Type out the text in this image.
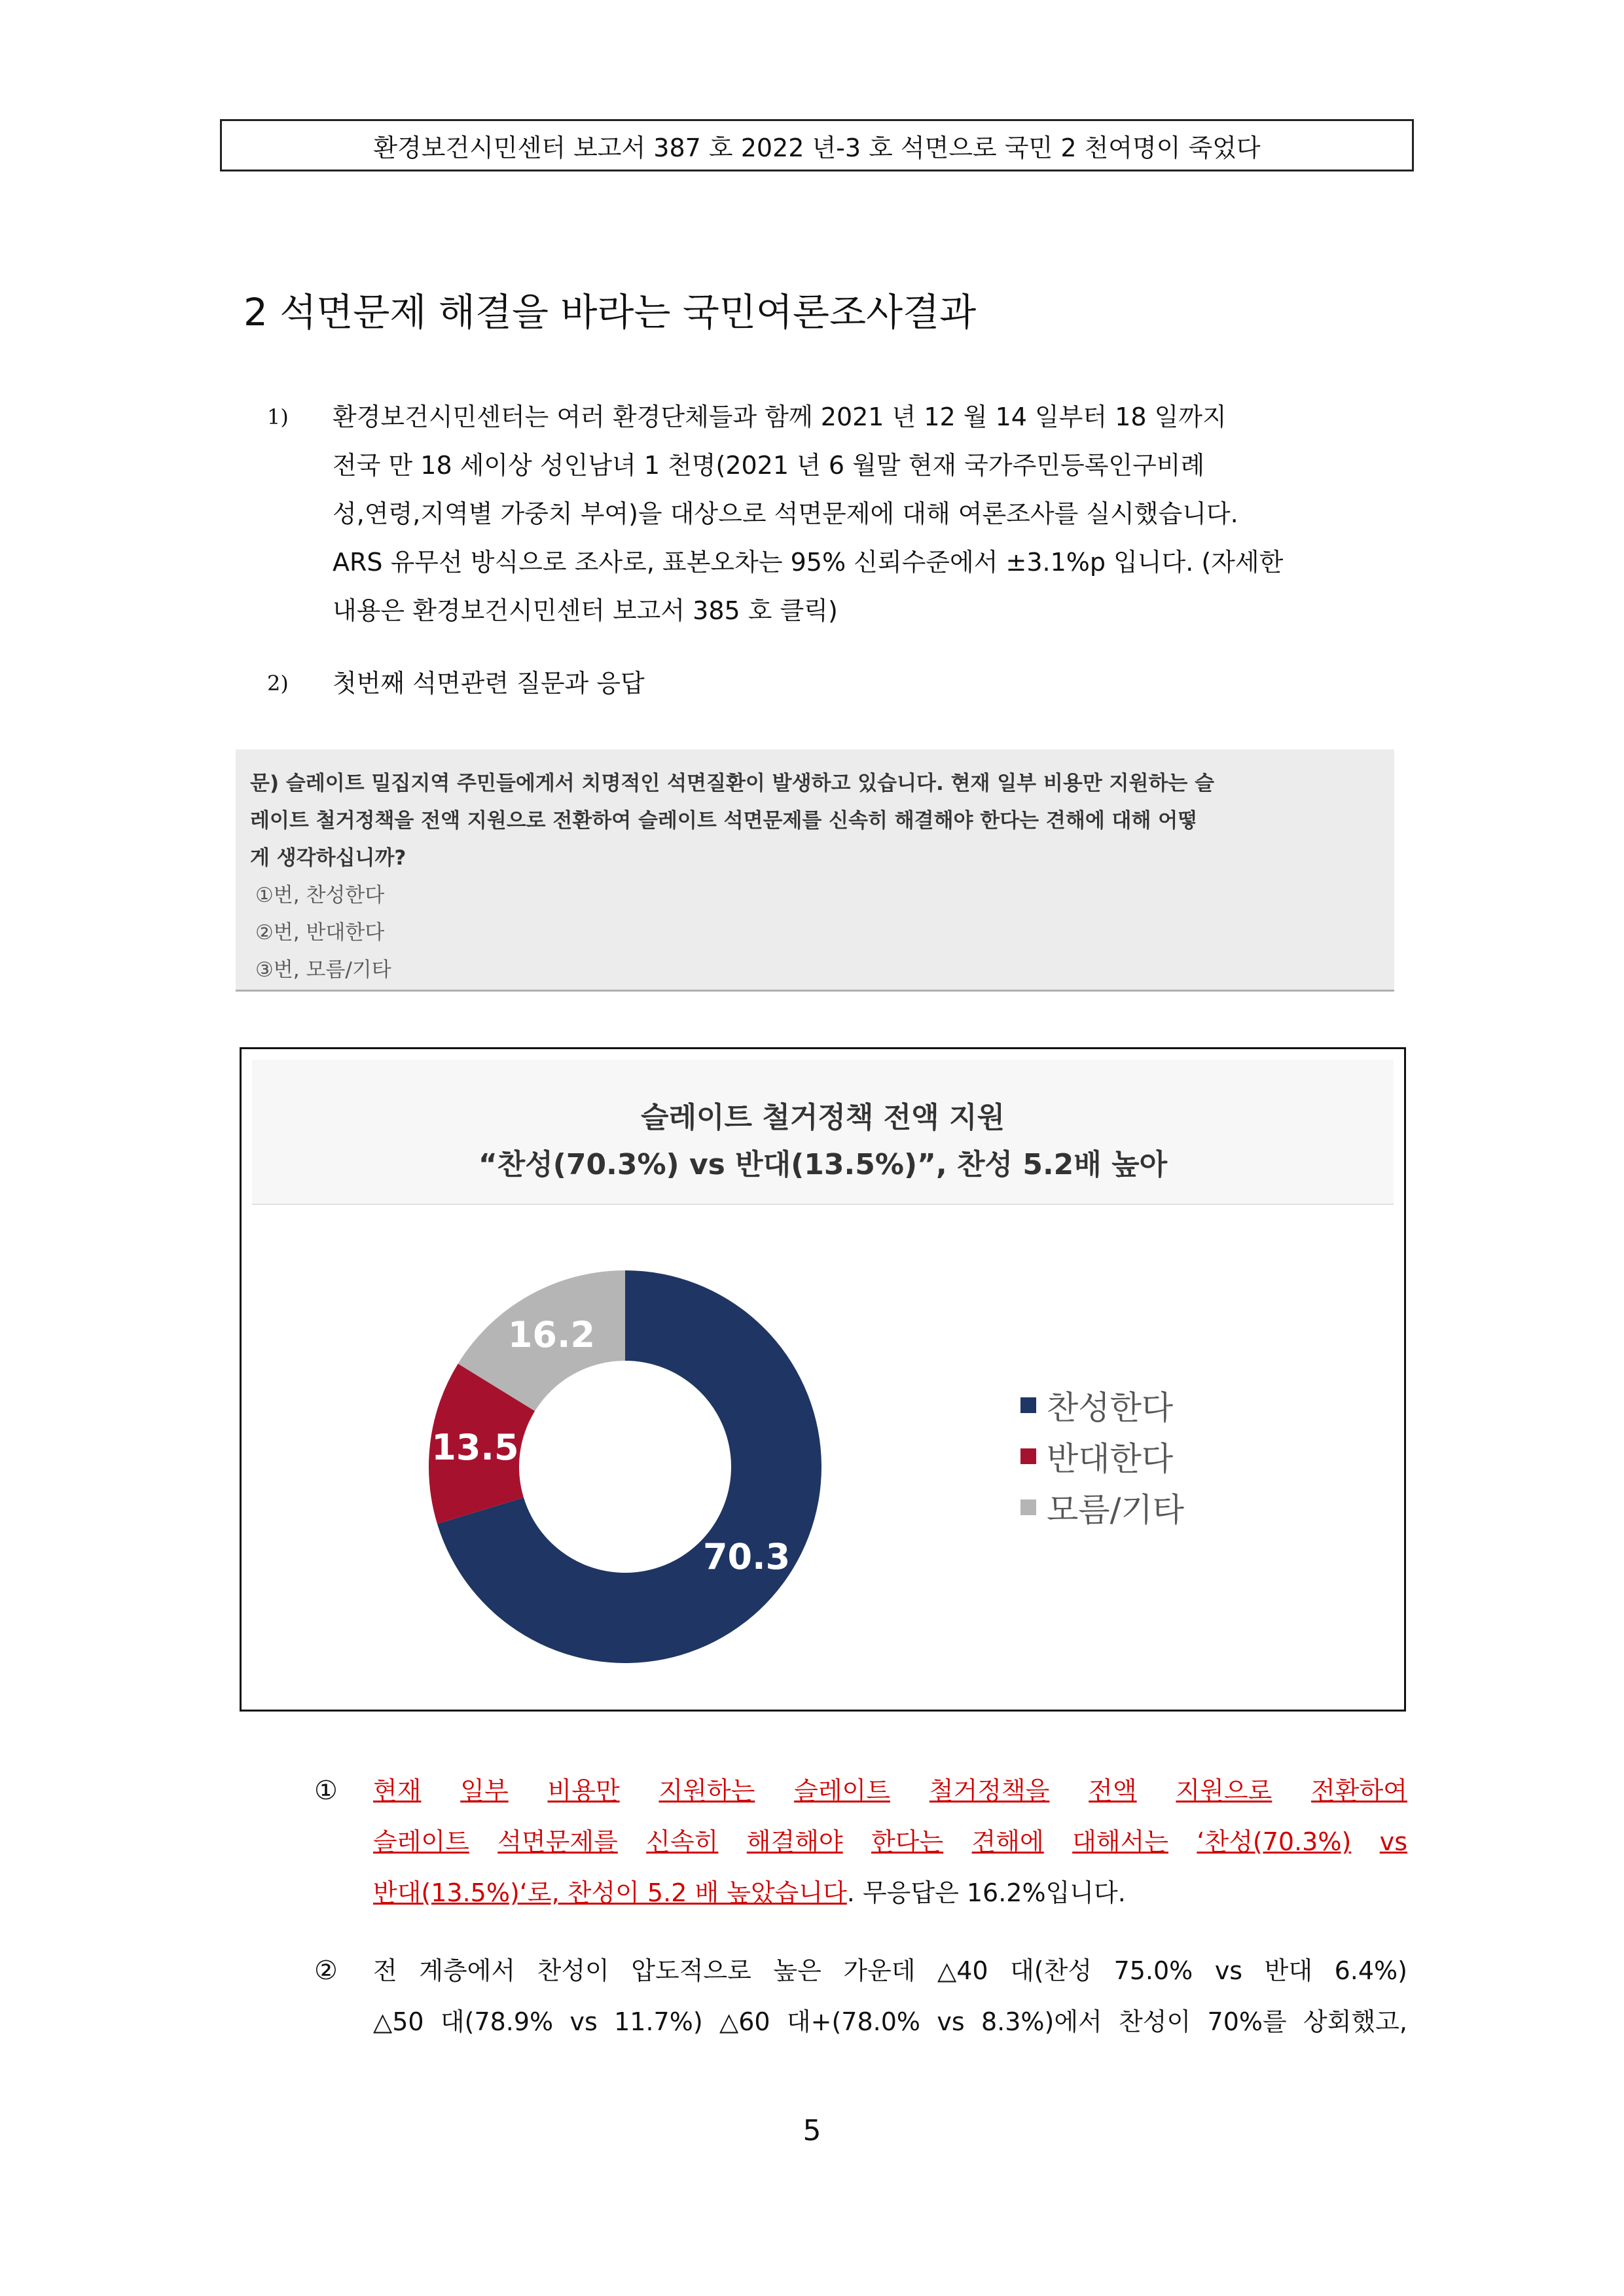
환경보건시민센터 보고서 387 호 2022 년-3 호 석면으로 국민 2 천여명이 죽었다
2 석면문제 해결을 바라는 국민여론조사결과
1)	환경보건시민센터는 여러 환경단체들과 함께 2021 년 12 월 14 일부터 18 일까지
전국 만 18 세이상 성인남녀 1 천명(2021 년 6 월말 현재 국가주민등록인구비례
성,연령,지역별 가중치 부여)을 대상으로 석면문제에 대해 여론조사를 실시했습니다.
ARS 유무선 방식으로 조사로, 표본오차는 95% 신뢰수준에서 ±3.1%p 입니다. (자세한
내용은 환경보건시민센터 보고서 385 호 클릭)
2)	첫번째 석면관련 질문과 응답
문) 슬레이트 밀집지역 주민들에게서 치명적인 석면질환이 발생하고 있습니다. 현재 일부 비용만 지원하는 슬
레이트 철거정책을 전액 지원으로 전환하여 슬레이트 석면문제를 신속히 해결해야 한다는 견해에 대해 어떻
게 생각하십니까?
①번, 찬성한다
②번, 반대한다
③번, 모름/기타
슬레이트 철거정책 전액 지원
“찬성(70.3%) vs 반대(13.5%)”, 찬성 5.2배 높아
70.3
13.5
16.2
찬성한다
반대한다
모름/기타
① 현재 일부 비용만 지원하는 슬레이트 철거정책을 전액 지원으로 전환하여
슬레이트 석면문제를 신속히 해결해야 한다는 견해에 대해서는 ‘찬성(70.3%) vs
반대(13.5%)‘로, 찬성이 5.2 배 높았습니다. 무응답은 16.2%입니다.
② 전 계층에서 찬성이 압도적으로 높은 가운데 △40 대(찬성 75.0% vs 반대 6.4%)
△50 대(78.9% vs 11.7%) △60 대+(78.0% vs 8.3%)에서 찬성이 70%를 상회했고,
5
